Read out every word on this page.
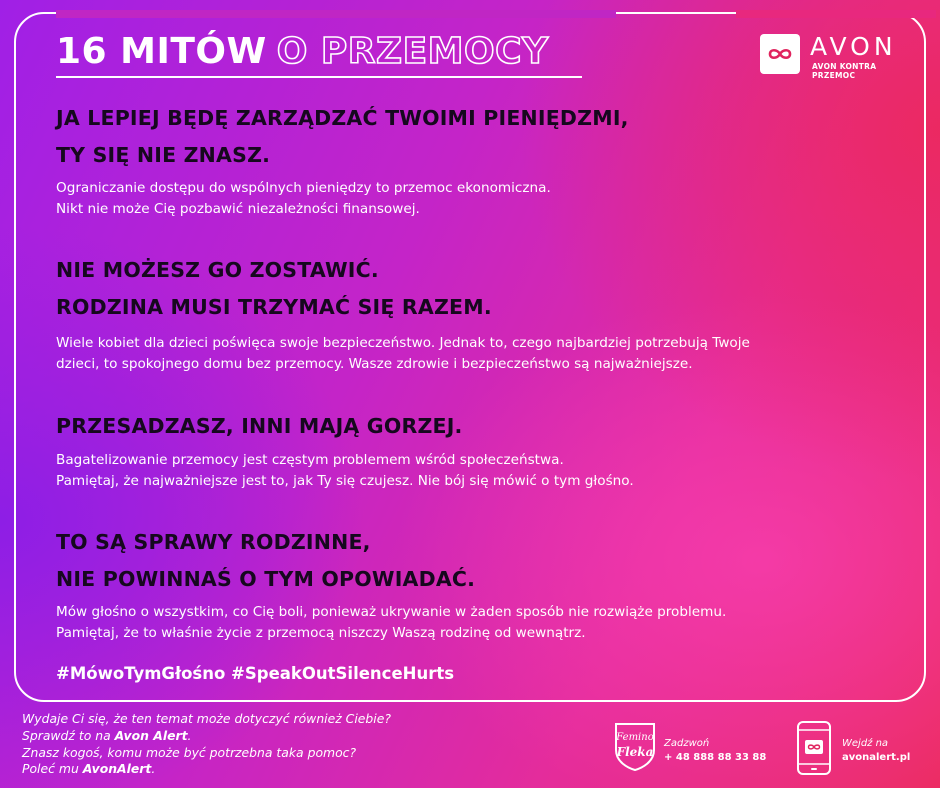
16 MITÓW O PRZEMOCY	AVON
AVON KONTRA
PRZEMOC
JA LEPIEJ BĘDĘ ZARZĄDZAĆ TWOIMI PIENIĘDZMI,
TY SIĘ NIE ZNASZ.
Ograniczanie dostępu do wspólnych pieniędzy to przemoc ekonomiczna.
Nikt nie może Cię pozbawić niezależności finansowej.
NIE MOŻESZ GO ZOSTAWIĆ.
RODZINA MUSI TRZYMAĆ SIĘ RAZEM.
Wiele kobiet dla dzieci poświęca swoje bezpieczeństwo. Jednak to, czego najbardziej potrzebują Twoje
dzieci, to spokojnego domu bez przemocy. Wasze zdrowie i bezpieczeństwo są najważniejsze.
PRZESADZASZ, INNI MAJĄ GORZEJ.
Bagatelizowanie przemocy jest częstym problemem wśród społeczeństwa.
Pamiętaj, że najważniejsze jest to, jak Ty się czujesz. Nie bój się mówić o tym głośno.
TO SĄ SPRAWY RODZINNE,
NIE POWINNAŚ O TYM OPOWIADAĆ.
Mów głośno o wszystkim, co Cię boli, ponieważ ukrywanie w żaden sposób nie rozwiąże problemu.
Pamiętaj, że to właśnie życie z przemocą niszczy Waszą rodzinę od wewnątrz.
#MówoTymGłośno #SpeakOutSilenceHurts
Wydaje Ci się, że ten temat może dotyczyć również Ciebie?
Sprawdź to na Avon Alert.
Znasz kogoś, komu może być potrzebna taka pomoc?
Poleć mu AvonAlert.
Femino
Fleka
Zadzwoń
+ 48 888 88 33 88
Wejdź na
avonalert.pl
